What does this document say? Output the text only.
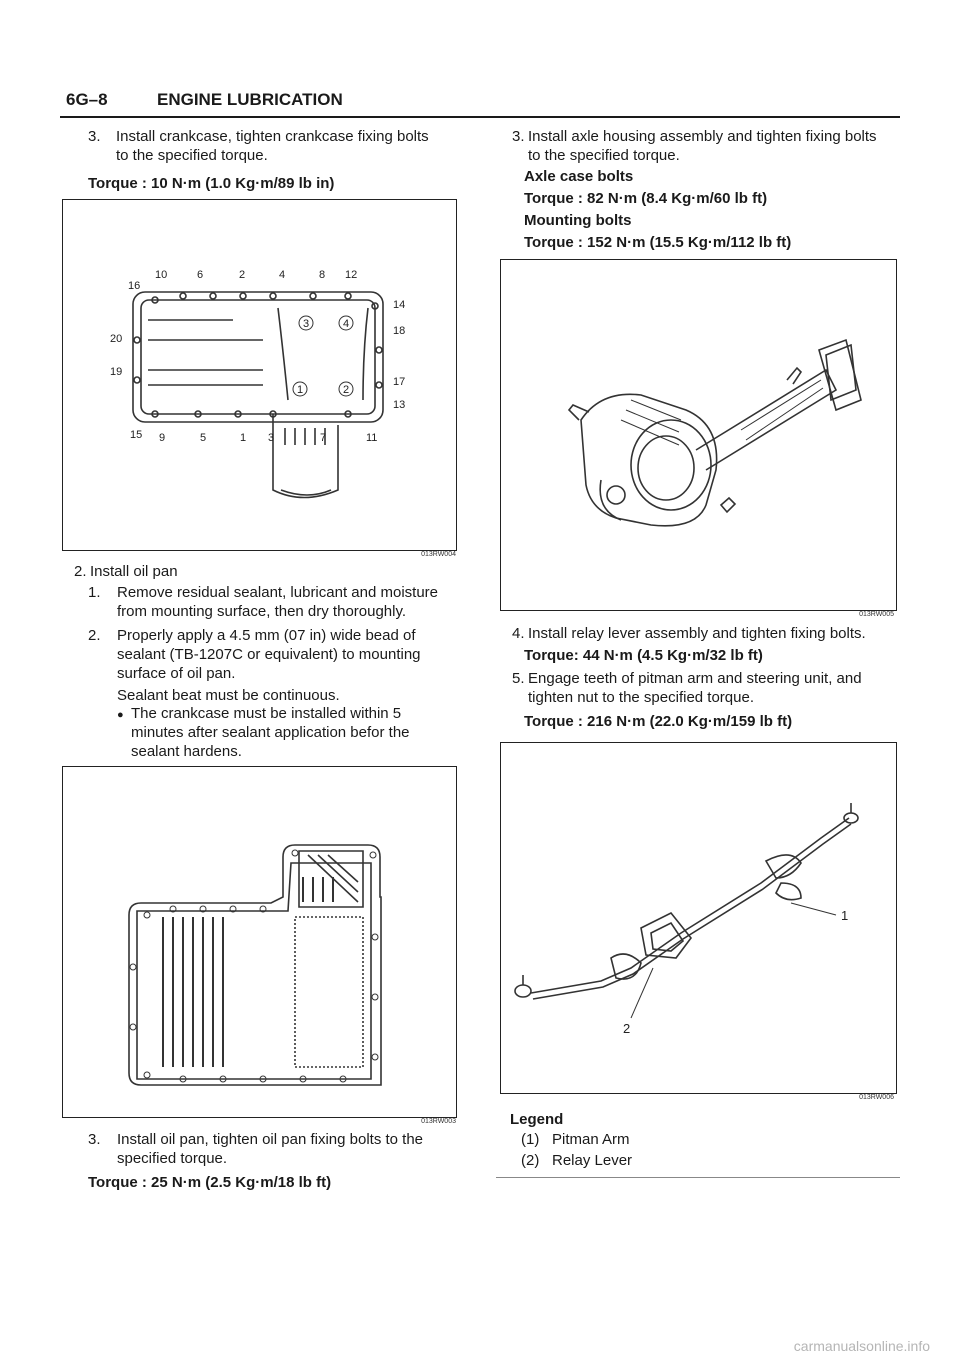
6G–8	ENGINE LUBRICATION
3. Install crankcase, tighten crankcase fixing bolts
to the specified torque.
Torque : 10 N·m (1.0 Kg·m/89 lb in)
16
10	6	2	4	8 12
14
18
20
19
17
13
15 9	5	1 3	7	11
3	4
1	2
013RW004
2. Install oil pan
1. Remove residual sealant, lubricant and moisture
from mounting surface, then dry thoroughly.
2. Properly apply a 4.5 mm (07 in) wide bead of
sealant (TB-1207C or equivalent) to mounting
surface of oil pan.
Sealant beat must be continuous.
● The crankcase must be installed within 5
minutes after sealant application befor the
sealant hardens.
013RW003
3. Install oil pan, tighten oil pan fixing bolts to the
specified torque.
Torque : 25 N·m (2.5 Kg·m/18 lb ft)
3. Install axle housing assembly and tighten fixing bolts
to the specified torque.
Axle case bolts
Torque : 82 N·m (8.4 Kg·m/60 lb ft)
Mounting bolts
Torque : 152 N·m (15.5 Kg·m/112 lb ft)
013RW005
4. Install relay lever assembly and tighten fixing bolts.
Torque: 44 N·m (4.5 Kg·m/32 lb ft)
5. Engage teeth of pitman arm and steering unit, and
tighten nut to the specified torque.
Torque : 216 N·m (22.0 Kg·m/159 lb ft)
1
2
013RW006
Legend
(1) Pitman Arm
(2) Relay Lever
carmanualsonline.info
